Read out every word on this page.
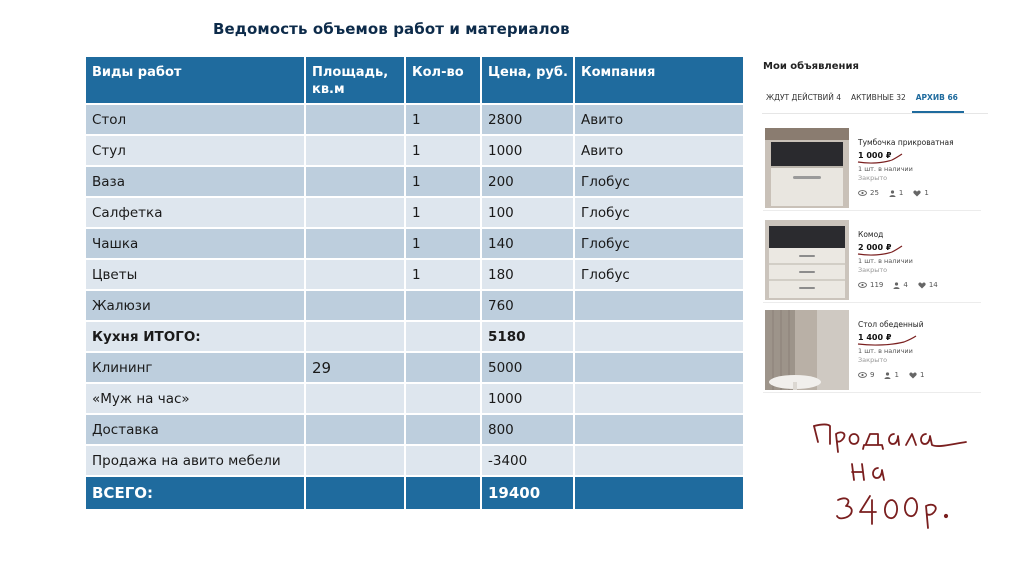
Ведомость объемов работ и материалов
Виды работ	Площадь, кв.м	Кол-во	Цена, руб.	Компания
Стол		1	2800	Авито
Стул		1	1000	Авито
Ваза		1	200	Глобус
Салфетка		1	100	Глобус
Чашка		1	140	Глобус
Цветы		1	180	Глобус
Жалюзи			760	
Кухня ИТОГО:			5180	
Клининг	29		5000	
«Муж на час»			1000	
Доставка			800	
Продажа на авито мебели			-3400	
ВСЕГО:			19400	
Мои объявления
ЖДУТ ДЕЙСТВИЙ 4	АКТИВНЫЕ 32	АРХИВ 66
Тумбочка прикроватная
1 000 ₽
1 шт. в наличии
Закрыто
25	1	1
Комод
2 000 ₽
1 шт. в наличии
Закрыто
119	4	14
Стол обеденный
1 400 ₽
1 шт. в наличии
Закрыто
9	1	1
